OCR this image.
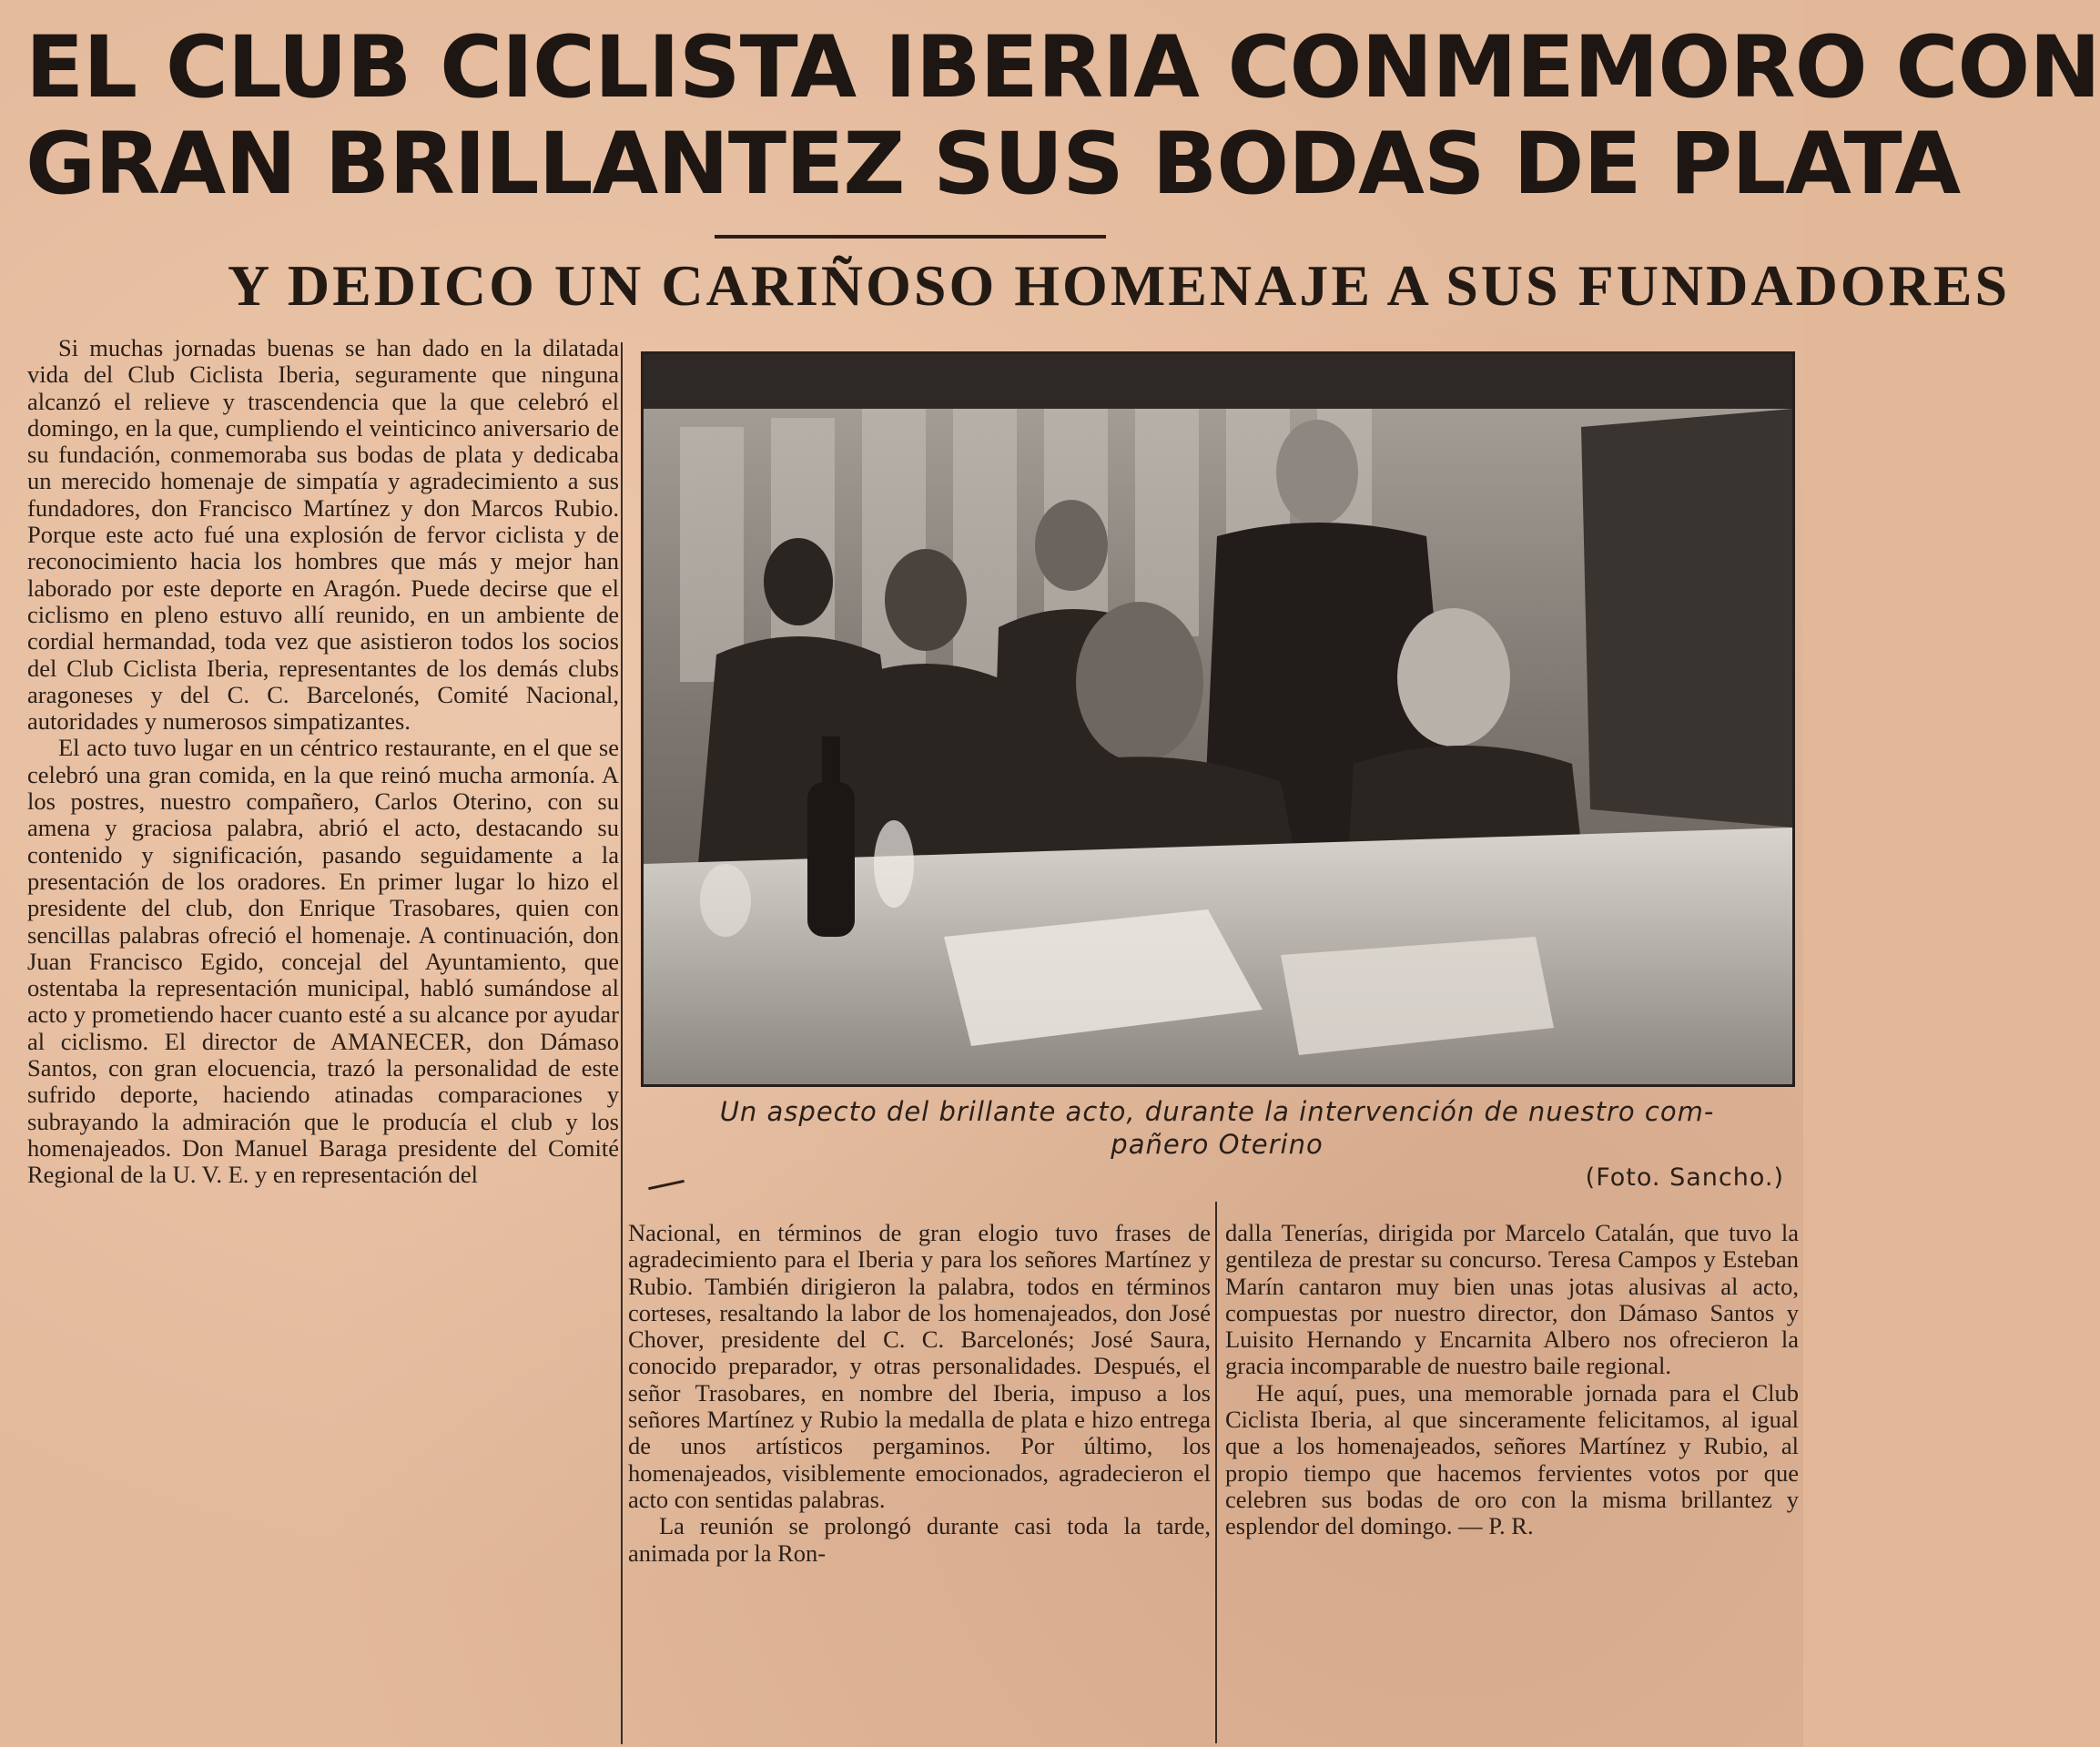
EL CLUB CICLISTA IBERIA CONMEMORO CON
GRAN BRILLANTEZ SUS BODAS DE PLATA
Y DEDICO UN CARIÑOSO HOMENAJE A SUS FUNDADORES

Si muchas jornadas buenas se han dado en la dilatada vida del Club Ciclista Iberia, seguramente que ninguna alcanzó el relieve y trascendencia que la que celebró el domingo, en la que, cumpliendo el veinticinco aniversario de su fundación, conmemoraba sus bodas de plata y dedicaba un merecido homenaje de simpatía y agradecimiento a sus fundadores, don Francisco Martínez y don Marcos Rubio. Porque este acto fué una explosión de fervor ciclista y de reconocimiento hacia los hombres que más y mejor han laborado por este deporte en Aragón. Puede decirse que el ciclismo en pleno estuvo allí reunido, en un ambiente de cordial hermandad, toda vez que asistieron todos los socios del Club Ciclista Iberia, representantes de los demás clubs aragoneses y del C. C. Barcelonés, Comité Nacional, autoridades y numerosos simpatizantes.

El acto tuvo lugar en un céntrico restaurante, en el que se celebró una gran comida, en la que reinó mucha armonía. A los postres, nuestro compañero, Carlos Oterino, con su amena y graciosa palabra, abrió el acto, destacando su contenido y significación, pasando seguidamente a la presentación de los oradores. En primer lugar lo hizo el presidente del club, don Enrique Trasobares, quien con sencillas palabras ofreció el homenaje. A continuación, don Juan Francisco Egido, concejal del Ayuntamiento, que ostentaba la representación municipal, habló sumándose al acto y prometiendo hacer cuanto esté a su alcance por ayudar al ciclismo. El director de AMANECER, don Dámaso Santos, con gran elocuencia, trazó la personalidad de este sufrido deporte, haciendo atinadas comparaciones y subrayando la admiración que le producía el club y los homenajeados. Don Manuel Baraga presidente del Comité Regional de la U. V. E. y en representación del

Un aspecto del brillante acto, durante la intervención de nuestro com-
pañero Oterino
(Foto. Sancho.)

Nacional, en términos de gran elogio tuvo frases de agradecimiento para el Iberia y para los señores Martínez y Rubio. También dirigieron la palabra, todos en términos corteses, resaltando la labor de los homenajeados, don José Chover, presidente del C. C. Barcelonés; José Saura, conocido preparador, y otras personalidades. Después, el señor Trasobares, en nombre del Iberia, impuso a los señores Martínez y Rubio la medalla de plata e hizo entrega de unos artísticos pergaminos. Por último, los homenajeados, visiblemente emocionados, agradecieron el acto con sentidas palabras.

La reunión se prolongó durante casi toda la tarde, animada por la Ron-

dalla Tenerías, dirigida por Marcelo Catalán, que tuvo la gentileza de prestar su concurso. Teresa Campos y Esteban Marín cantaron muy bien unas jotas alusivas al acto, compuestas por nuestro director, don Dámaso Santos y Luisito Hernando y Encarnita Albero nos ofrecieron la gracia incomparable de nuestro baile regional.

He aquí, pues, una memorable jornada para el Club Ciclista Iberia, al que sinceramente felicitamos, al igual que a los homenajeados, señores Martínez y Rubio, al propio tiempo que hacemos fervientes votos por que celebren sus bodas de oro con la misma brillantez y esplendor del domingo. — P. R.
